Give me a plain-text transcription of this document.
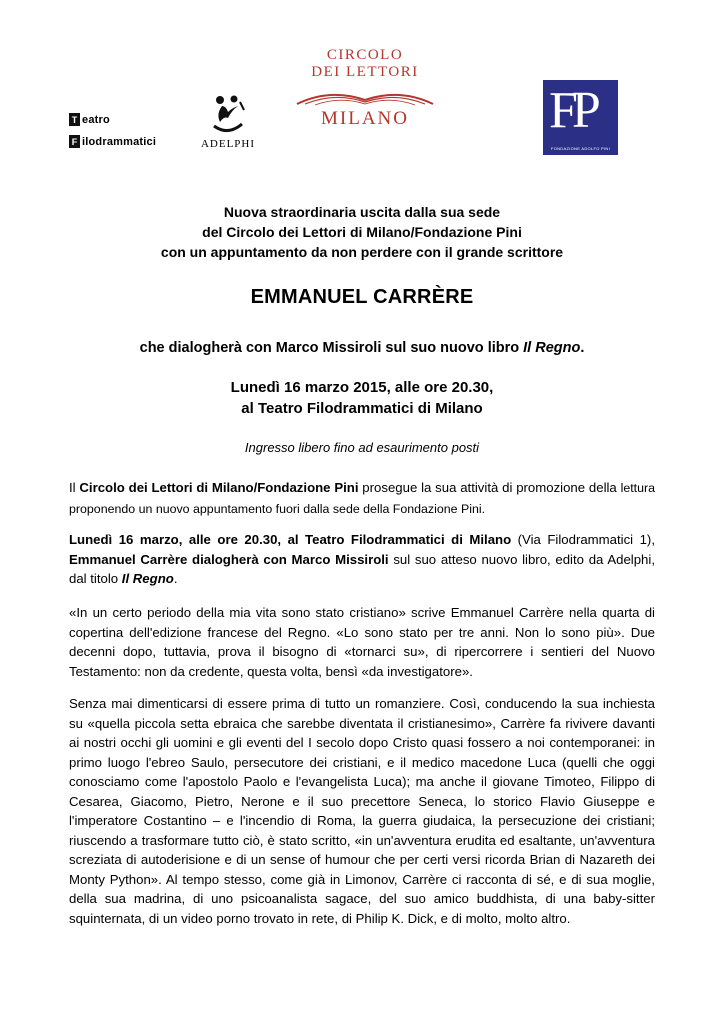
T eatro
F ilodrammatici	ADELPHI
CIRCOLO
DEI LETTORI
MILANO	FP
FONDAZIONE ADOLFO PINI
Nuova straordinaria uscita dalla sua sede
del Circolo dei Lettori di Milano/Fondazione Pini
con un appuntamento da non perdere con il grande scrittore
EMMANUEL CARRÈRE
che dialogherà con Marco Missiroli sul suo nuovo libro Il Regno.
Lunedì 16 marzo 2015, alle ore 20.30,
al Teatro Filodrammatici di Milano
Ingresso libero fino ad esaurimento posti
Il Circolo dei Lettori di Milano/Fondazione Pini prosegue la sua attività di promozione della lettura proponendo un nuovo appuntamento fuori dalla sede della Fondazione Pini.
Lunedì 16 marzo, alle ore 20.30, al Teatro Filodrammatici di Milano (Via Filodrammatici 1), Emmanuel Carrère dialogherà con Marco Missiroli sul suo atteso nuovo libro, edito da Adelphi, dal titolo Il Regno.
«In un certo periodo della mia vita sono stato cristiano» scrive Emmanuel Carrère nella quarta di copertina dell'edizione francese del Regno. «Lo sono stato per tre anni. Non lo sono più». Due decenni dopo, tuttavia, prova il bisogno di «tornarci su», di ripercorrere i sentieri del Nuovo Testamento: non da credente, questa volta, bensì «da investigatore».
Senza mai dimenticarsi di essere prima di tutto un romanziere. Così, conducendo la sua inchiesta su «quella piccola setta ebraica che sarebbe diventata il cristianesimo», Carrère fa rivivere davanti ai nostri occhi gli uomini e gli eventi del I secolo dopo Cristo quasi fossero a noi contemporanei: in primo luogo l'ebreo Saulo, persecutore dei cristiani, e il medico macedone Luca (quelli che oggi conosciamo come l'apostolo Paolo e l'evangelista Luca); ma anche il giovane Timoteo, Filippo di Cesarea, Giacomo, Pietro, Nerone e il suo precettore Seneca, lo storico Flavio Giuseppe e l'imperatore Costantino – e l'incendio di Roma, la guerra giudaica, la persecuzione dei cristiani; riuscendo a trasformare tutto ciò, è stato scritto, «in un'avventura erudita ed esaltante, un'avventura screziata di autoderisione e di un sense of humour che per certi versi ricorda Brian di Nazareth dei Monty Python». Al tempo stesso, come già in Limonov, Carrère ci racconta di sé, e di sua moglie, della sua madrina, di uno psicoanalista sagace, del suo amico buddhista, di una baby-sitter squinternata, di un video porno trovato in rete, di Philip K. Dick, e di molto, molto altro.
